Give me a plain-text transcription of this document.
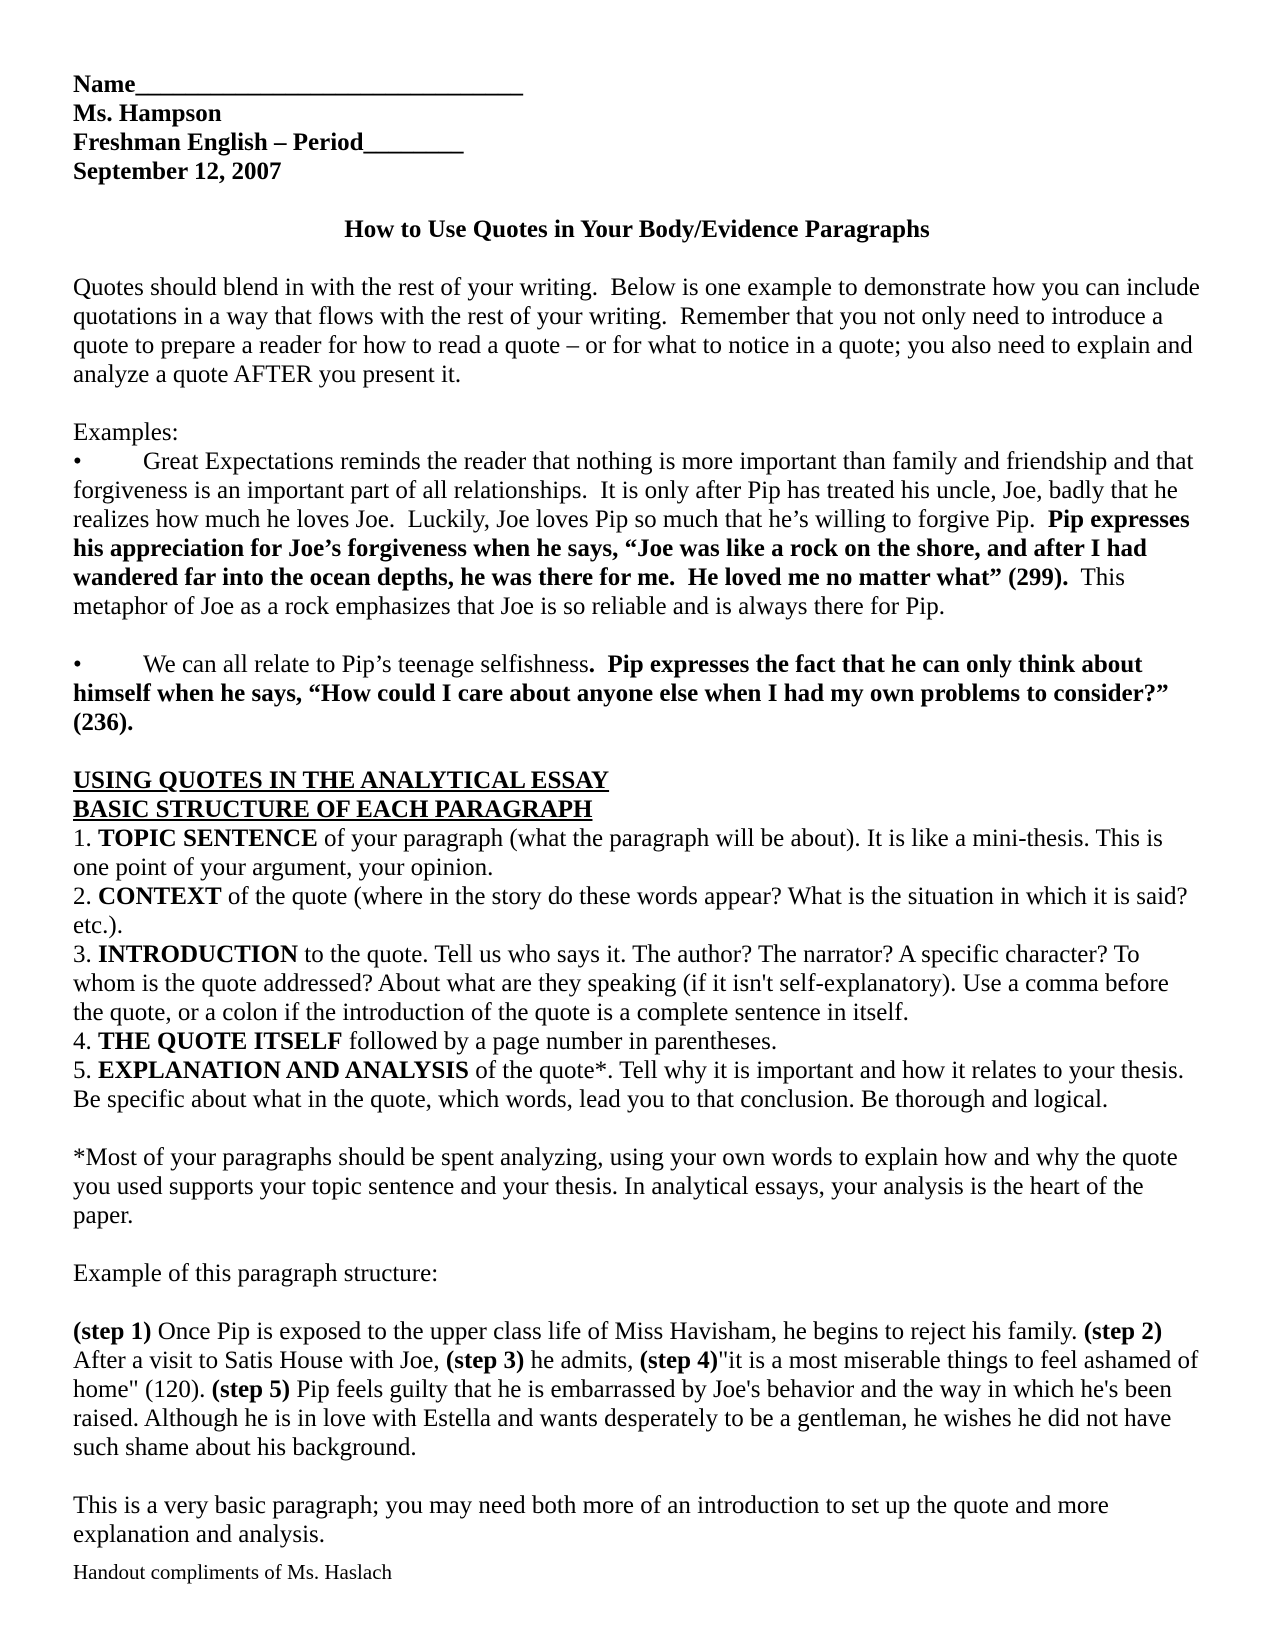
Name_______________________________

Ms. Hampson

Freshman English – Period________

September 12, 2007

How to Use Quotes in Your Body/Evidence Paragraphs

Quotes should blend in with the rest of your writing.  Below is one example to demonstrate how you can include quotations in a way that flows with the rest of your writing.  Remember that you not only need to introduce a quote to prepare a reader for how to read a quote – or for what to notice in a quote; you also need to explain and analyze a quote AFTER you present it.

Examples:

• Great Expectations reminds the reader that nothing is more important than family and friendship and that forgiveness is an important part of all relationships.  It is only after Pip has treated his uncle, Joe, badly that he realizes how much he loves Joe.  Luckily, Joe loves Pip so much that he’s willing to forgive Pip.  Pip expresses his appreciation for Joe’s forgiveness when he says, “Joe was like a rock on the shore, and after I had wandered far into the ocean depths, he was there for me.  He loved me no matter what” (299).  This metaphor of Joe as a rock emphasizes that Joe is so reliable and is always there for Pip.

• We can all relate to Pip’s teenage selfishness.  Pip expresses the fact that he can only think about himself when he says, “How could I care about anyone else when I had my own problems to consider?” (236).

USING QUOTES IN THE ANALYTICAL ESSAY

BASIC STRUCTURE OF EACH PARAGRAPH

1. TOPIC SENTENCE of your paragraph (what the paragraph will be about). It is like a mini-thesis. This is one point of your argument, your opinion.

2. CONTEXT of the quote (where in the story do these words appear? What is the situation in which it is said? etc.).

3. INTRODUCTION to the quote. Tell us who says it. The author? The narrator? A specific character? To whom is the quote addressed? About what are they speaking (if it isn't self-explanatory). Use a comma before the quote, or a colon if the introduction of the quote is a complete sentence in itself.

4. THE QUOTE ITSELF followed by a page number in parentheses.

5. EXPLANATION AND ANALYSIS of the quote*. Tell why it is important and how it relates to your thesis. Be specific about what in the quote, which words, lead you to that conclusion. Be thorough and logical.

*Most of your paragraphs should be spent analyzing, using your own words to explain how and why the quote you used supports your topic sentence and your thesis. In analytical essays, your analysis is the heart of the paper.

Example of this paragraph structure:

(step 1) Once Pip is exposed to the upper class life of Miss Havisham, he begins to reject his family. (step 2) After a visit to Satis House with Joe, (step 3) he admits, (step 4)"it is a most miserable things to feel ashamed of home" (120). (step 5) Pip feels guilty that he is embarrassed by Joe's behavior and the way in which he's been raised. Although he is in love with Estella and wants desperately to be a gentleman, he wishes he did not have such shame about his background.

This is a very basic paragraph; you may need both more of an introduction to set up the quote and more explanation and analysis.

Handout compliments of Ms. Haslach
